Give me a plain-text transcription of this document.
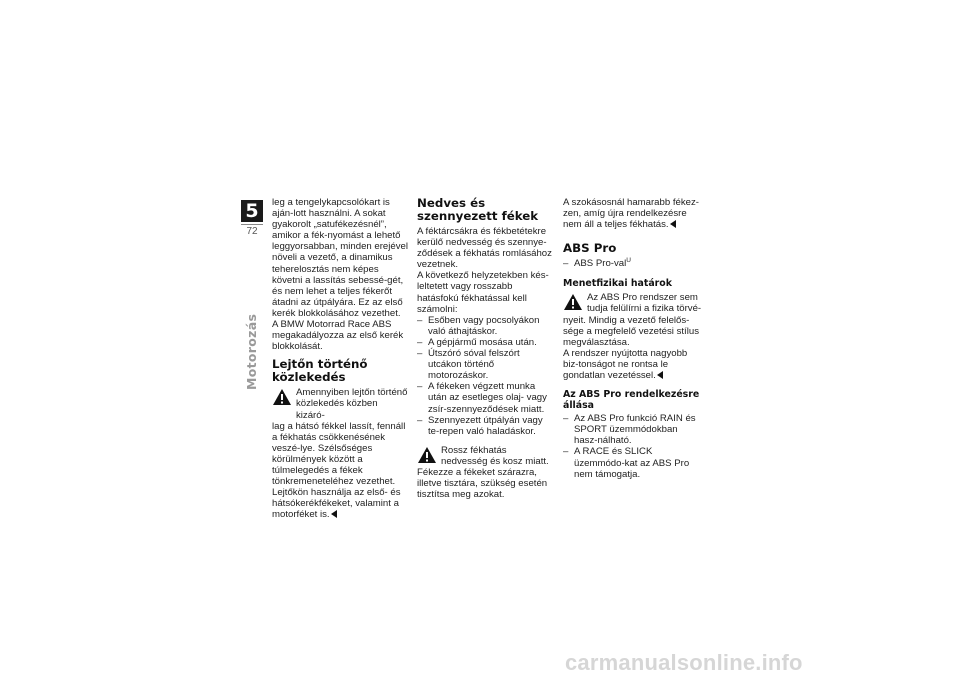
5
72
Motorozás

leg a tengelykapcsolókart is aján-lott használni. A sokat gyakorolt „satufékezésnél”, amikor a fék-nyomást a lehető leggyorsabban, minden erejével növeli a vezető, a dinamikus teherelosztás nem képes követni a lassítás sebessé-gét, és nem lehet a teljes fékerőt átadni az útpályára. Ez az első kerék blokkolásához vezethet.

A BMW Motorrad Race ABS megakadályozza az első kerék blokkolását.

Lejtőn történő közlekedés
Amennyiben lejtőn történő közlekedés közben kizáró-

lag a hátsó fékkel lassít, fennáll a fékhatás csökkenésének veszé-lye. Szélsőséges körülmények között a túlmelegedés a fékek tönkremeneteléhez vezethet.

Lejtőkön használja az első- és hátsókerékfékeket, valamint a motorféket is.

Nedves és szennyezett fékek

A féktárcsákra és fékbetétekre kerülő nedvesség és szennye-ződések a fékhatás romlásához vezetnek.

A következő helyzetekben kés-leltetett vagy rosszabb hatásfokú fékhatással kell számolni:

– Esőben vagy pocsolyákon való áthajtáskor.
– A gépjármű mosása után.
– Útszóró sóval felszórt utcákon történő motorozáskor.
– A fékeken végzett munka után az esetleges olaj- vagy zsír-szennyeződések miatt.
– Szennyezett útpályán vagy te-repen való haladáskor.
Rossz fékhatás nedvesség és kosz miatt.

Fékezze a fékeket szárazra, illetve tisztára, szükség esetén tisztítsa meg azokat.

A szokásosnál hamarabb fékez-zen, amíg újra rendelkezésre nem áll a teljes fékhatás.

ABS Pro
– ABS Pro-val$^U$
Menetfizikai határok
Az ABS Pro rendszer sem tudja felülírni a fizika törvé-

nyeit. Mindig a vezető felelős-sége a megfelelő vezetési stílus megválasztása.

A rendszer nyújtotta nagyobb biz-tonságot ne rontsa le gondatlan vezetéssel.

Az ABS Pro rendelkezésre állása
– Az ABS Pro funkció RAIN és SPORT üzemmódokban hasz-nálható.
– A RACE és SLICK üzemmódo-kat az ABS Pro nem támogatja.
carmanualsonline.info
